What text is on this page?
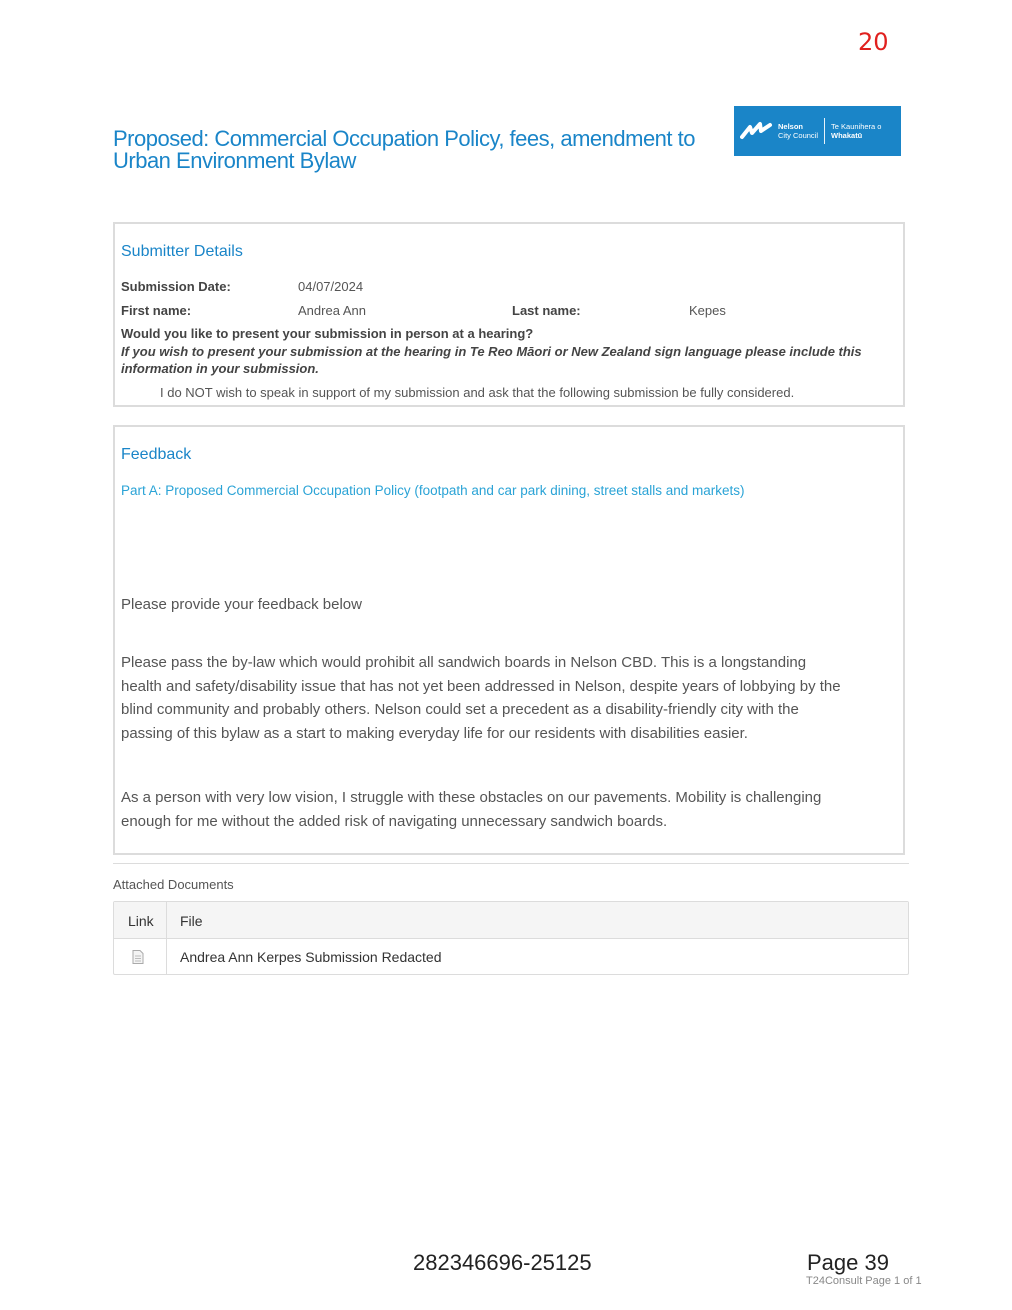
20
Proposed: Commercial Occupation Policy, fees, amendment to Urban Environment Bylaw
Nelson
City Council
Te Kaunihera o
Whakatū
Submitter Details
Submission Date:	04/07/2024
First name:	Andrea Ann	Last name:	Kepes
Would you like to present your submission in person at a hearing?
If you wish to present your submission at the hearing in Te Reo Māori or New Zealand sign language please include this information in your submission.
I do NOT wish to speak in support of my submission and ask that the following submission be fully considered.
Feedback
Part A: Proposed Commercial Occupation Policy (footpath and car park dining, street stalls and markets)
Please provide your feedback below

Please pass the by-law which would prohibit all sandwich boards in Nelson CBD. This is a longstanding health and safety/disability issue that has not yet been addressed in Nelson, despite years of lobbying by the blind community and probably others. Nelson could set a precedent as a disability-friendly city with the passing of this bylaw as a start to making everyday life for our residents with disabilities easier.

As a person with very low vision, I struggle with these obstacles on our pavements. Mobility is challenging enough for me without the added risk of navigating unnecessary sandwich boards.

Attached Documents
Link File
Andrea Ann Kerpes Submission Redacted
282346696-25125	Page 39
T24Consult Page 1 of 1
